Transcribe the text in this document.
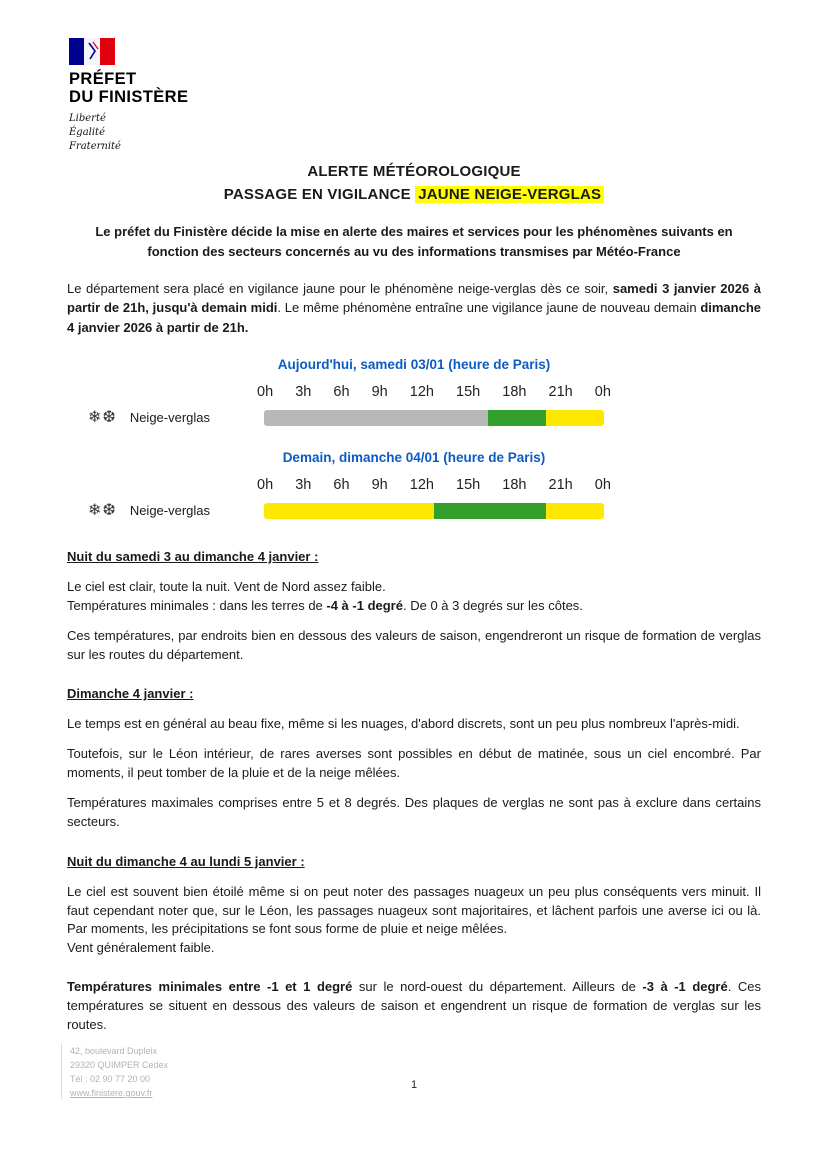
PRÉFET
DU FINISTÈRE
Liberté
Égalité
Fraternité
ALERTE MÉTÉOROLOGIQUE
PASSAGE EN VIGILANCE JAUNE NEIGE-VERGLAS

Le préfet du Finistère décide la mise en alerte des maires et services pour les phénomènes suivants en fonction des secteurs concernés au vu des informations transmises par Météo-France

Le département sera placé en vigilance jaune pour le phénomène neige-verglas dès ce soir, samedi 3 janvier 2026 à partir de 21h, jusqu'à demain midi. Le même phénomène entraîne une vigilance jaune de nouveau demain dimanche 4 janvier 2026 à partir de 21h.

Aujourd'hui, samedi 03/01 (heure de Paris)
❄❆ Neige-verglas
0h 3h 6h 9h 12h 15h 18h 21h 0h
Demain, dimanche 04/01 (heure de Paris)
❄❆ Neige-verglas
0h 3h 6h 9h 12h 15h 18h 21h 0h
Nuit du samedi 3 au dimanche 4 janvier :
Le ciel est clair, toute la nuit. Vent de Nord assez faible.
Températures minimales : dans les terres de -4 à -1 degré. De 0 à 3 degrés sur les côtes.

Ces températures, par endroits bien en dessous des valeurs de saison, engendreront un risque de formation de verglas sur les routes du département.

Dimanche 4 janvier :

Le temps est en général au beau fixe, même si les nuages, d'abord discrets, sont un peu plus nombreux l'après-midi.

Toutefois, sur le Léon intérieur, de rares averses sont possibles en début de matinée, sous un ciel encombré. Par moments, il peut tomber de la pluie et de la neige mêlées.

Températures maximales comprises entre 5 et 8 degrés. Des plaques de verglas ne sont pas à exclure dans certains secteurs.

Nuit du dimanche 4 au lundi 5 janvier :

Le ciel est souvent bien étoilé même si on peut noter des passages nuageux un peu plus conséquents vers minuit. Il faut cependant noter que, sur le Léon, les passages nuageux sont majoritaires, et lâchent parfois une averse ici ou là. Par moments, les précipitations se font sous forme de pluie et neige mêlées.

Vent généralement faible.

Températures minimales entre -1 et 1 degré sur le nord-ouest du département. Ailleurs de -3 à -1 degré. Ces températures se situent en dessous des valeurs de saison et engendrent un risque de formation de verglas sur les routes.

42, boulevard Dupleix
29320 QUIMPER Cedex
Tél : 02 90 77 20 00
www.finistere.gouv.fr
1
